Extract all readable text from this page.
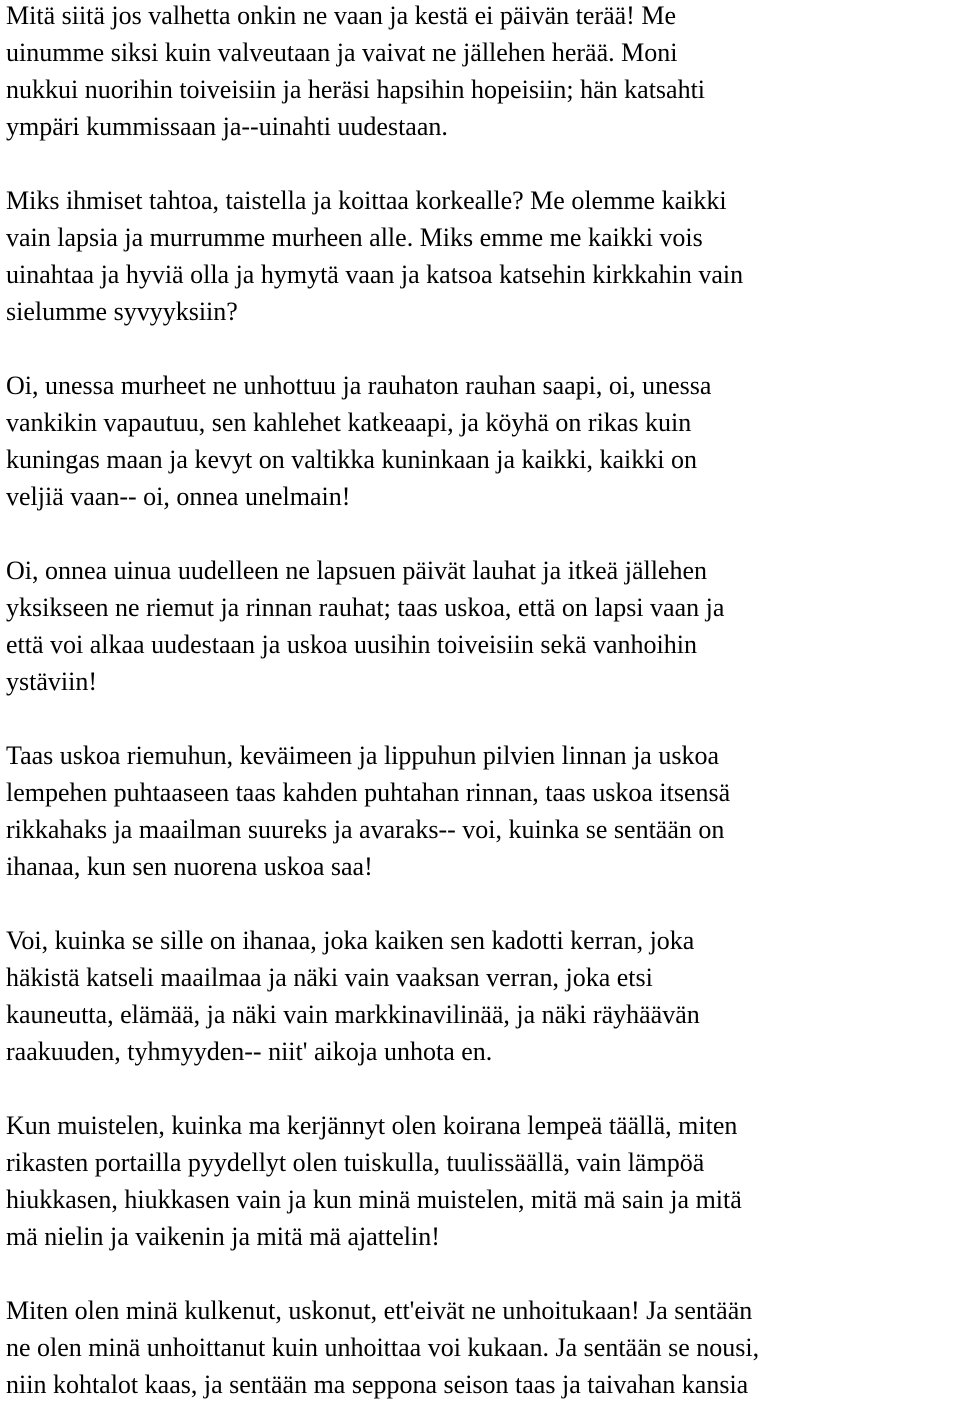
Mitä siitä jos valhetta onkin ne vaan ja kestä ei päivän terää! Me
uinumme siksi kuin valveutaan ja vaivat ne jällehen herää. Moni
nukkui nuorihin toiveisiin ja heräsi hapsihin hopeisiin; hän katsahti
ympäri kummissaan ja--uinahti uudestaan.

Miks ihmiset tahtoa, taistella ja koittaa korkealle? Me olemme kaikki
vain lapsia ja murrumme murheen alle. Miks emme me kaikki vois
uinahtaa ja hyviä olla ja hymytä vaan ja katsoa katsehin kirkkahin vain
sielumme syvyyksiin?

Oi, unessa murheet ne unhottuu ja rauhaton rauhan saapi, oi, unessa
vankikin vapautuu, sen kahlehet katkeaapi, ja köyhä on rikas kuin
kuningas maan ja kevyt on valtikka kuninkaan ja kaikki, kaikki on
veljiä vaan-- oi, onnea unelmain!

Oi, onnea uinua uudelleen ne lapsuen päivät lauhat ja itkeä jällehen
yksikseen ne riemut ja rinnan rauhat; taas uskoa, että on lapsi vaan ja
että voi alkaa uudestaan ja uskoa uusihin toiveisiin sekä vanhoihin
ystäviin!

Taas uskoa riemuhun, keväimeen ja lippuhun pilvien linnan ja uskoa
lempehen puhtaaseen taas kahden puhtahan rinnan, taas uskoa itsensä
rikkahaks ja maailman suureks ja avaraks-- voi, kuinka se sentään on
ihanaa, kun sen nuorena uskoa saa!

Voi, kuinka se sille on ihanaa, joka kaiken sen kadotti kerran, joka
häkistä katseli maailmaa ja näki vain vaaksan verran, joka etsi
kauneutta, elämää, ja näki vain markkinavilinää, ja näki räyhäävän
raakuuden, tyhmyyden-- niit' aikoja unhota en.

Kun muistelen, kuinka ma kerjännyt olen koirana lempeä täällä, miten
rikasten portailla pyydellyt olen tuiskulla, tuulissäällä, vain lämpöä
hiukkasen, hiukkasen vain ja kun minä muistelen, mitä mä sain ja mitä
mä nielin ja vaikenin ja mitä mä ajattelin!

Miten olen minä kulkenut, uskonut, ett'eivät ne unhoitukaan! Ja sentään
ne olen minä unhoittanut kuin unhoittaa voi kukaan. Ja sentään se nousi,
niin kohtalot kaas, ja sentään ma seppona seison taas ja taivahan kansia
